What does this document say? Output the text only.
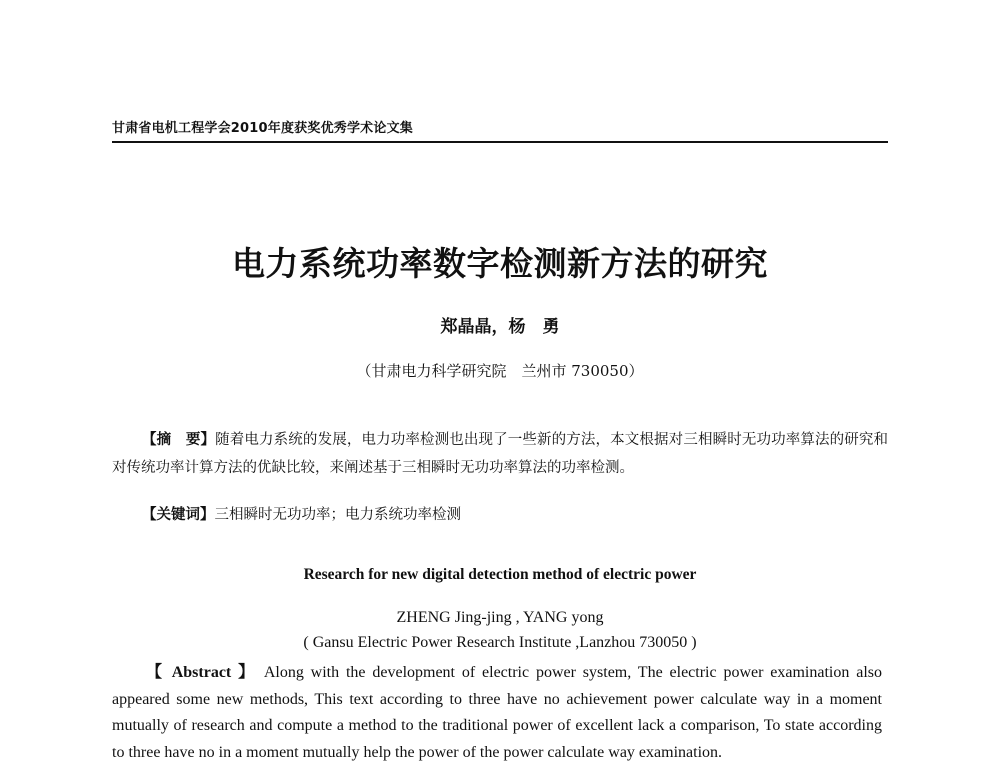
甘肃省电机工程学会2010年度获奖优秀学术论文集
电力系统功率数字检测新方法的研究
郑晶晶，杨　勇
（甘肃电力科学研究院　兰州市 730050）
【摘　要】随着电力系统的发展，电力功率检测也出现了一些新的方法，本文根据对三相瞬时无功功率算法的研究和对传统功率计算方法的优缺比较，来阐述基于三相瞬时无功功率算法的功率检测。
【关键词】三相瞬时无功功率；电力系统功率检测
Research for new digital detection method of electric power
ZHENG Jing-jing , YANG yong
( Gansu Electric Power Research Institute ,Lanzhou 730050 )
【 Abstract 】 Along with the development of electric power system, The electric power examination also appeared some new methods, This text according to three have no achievement power calculate way in a moment mutually of research and compute a method to the traditional power of excellent lack a comparison, To state according to three have no in a moment mutually help the power of the power calculate way examination.
